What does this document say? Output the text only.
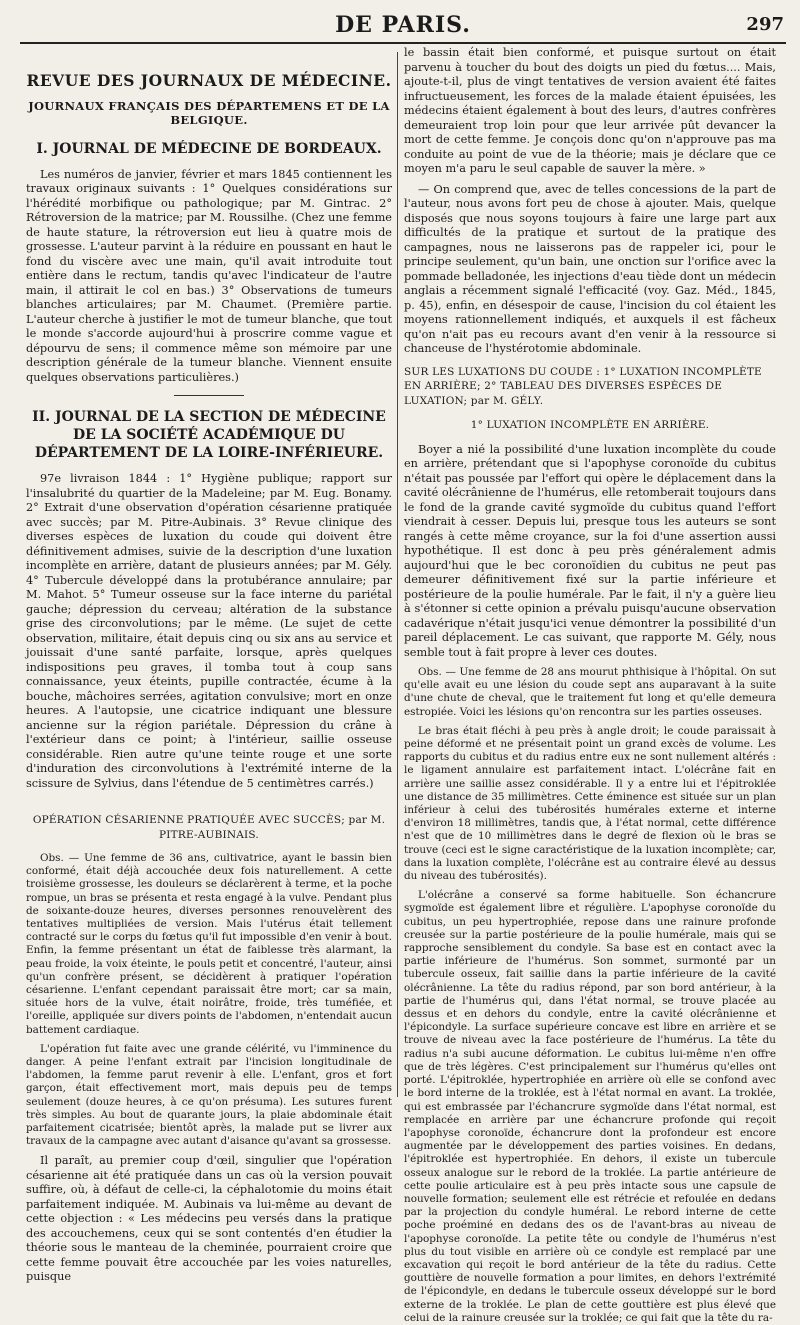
DE PARIS.	297
REVUE DES JOURNAUX DE MÉDECINE.
JOURNAUX FRANÇAIS DES DÉPARTEMENS ET DE LA BELGIQUE.
I. JOURNAL DE MÉDECINE DE BORDEAUX.

Les numéros de janvier, février et mars 1845 contiennent les travaux originaux suivants : 1° Quelques considérations sur l'hérédité morbifique ou pathologique; par M. Gintrac. 2° Rétroversion de la matrice; par M. Roussilhe. (Chez une femme de haute stature, la rétroversion eut lieu à quatre mois de grossesse. L'auteur parvint à la réduire en poussant en haut le fond du viscère avec une main, qu'il avait introduite tout entière dans le rectum, tandis qu'avec l'indicateur de l'autre main, il attirait le col en bas.) 3° Observations de tumeurs blanches articulaires; par M. Chaumet. (Première partie. L'auteur cherche à justifier le mot de tumeur blanche, que tout le monde s'accorde aujourd'hui à proscrire comme vague et dépourvu de sens; il commence même son mémoire par une description générale de la tumeur blanche. Viennent ensuite quelques observations particulières.)

II. JOURNAL DE LA SECTION DE MÉDECINE DE LA SOCIÉTÉ ACADÉMIQUE DU DÉPARTEMENT DE LA LOIRE-INFÉRIEURE.

97e livraison 1844 : 1° Hygiène publique; rapport sur l'insalubrité du quartier de la Madeleine; par M. Eug. Bonamy. 2° Extrait d'une observation d'opération césarienne pratiquée avec succès; par M. Pitre-Aubinais. 3° Revue clinique des diverses espèces de luxation du coude qui doivent être définitivement admises, suivie de la description d'une luxation incomplète en arrière, datant de plusieurs années; par M. Gély. 4° Tubercule développé dans la protubérance annulaire; par M. Mahot. 5° Tumeur osseuse sur la face interne du pariétal gauche; dépression du cerveau; altération de la substance grise des circonvolutions; par le même. (Le sujet de cette observation, militaire, était depuis cinq ou six ans au service et jouissait d'une santé parfaite, lorsque, après quelques indispositions peu graves, il tomba tout à coup sans connaissance, yeux éteints, pupille contractée, écume à la bouche, mâchoires serrées, agitation convulsive; mort en onze heures. A l'autopsie, une cicatrice indiquant une blessure ancienne sur la région pariétale. Dépression du crâne à l'extérieur dans ce point; à l'intérieur, saillie osseuse considérable. Rien autre qu'une teinte rouge et une sorte d'induration des circonvolutions à l'extrémité interne de la scissure de Sylvius, dans l'étendue de 5 centimètres carrés.)

OPÉRATION CÉSARIENNE PRATIQUÉE AVEC SUCCÈS; par M. PITRE-AUBINAIS.

Obs. — Une femme de 36 ans, cultivatrice, ayant le bassin bien conformé, était déjà accouchée deux fois naturellement. A cette troisième grossesse, les douleurs se déclarèrent à terme, et la poche rompue, un bras se présenta et resta engagé à la vulve. Pendant plus de soixante-douze heures, diverses personnes renouvelèrent des tentatives multipliées de version. Mais l'utérus était tellement contracté sur le corps du fœtus qu'il fut impossible d'en venir à bout. Enfin, la femme présentant un état de faiblesse très alarmant, la peau froide, la voix éteinte, le pouls petit et concentré, l'auteur, ainsi qu'un confrère présent, se décidèrent à pratiquer l'opération césarienne. L'enfant cependant paraissait être mort; car sa main, située hors de la vulve, était noirâtre, froide, très tuméfiée, et l'oreille, appliquée sur divers points de l'abdomen, n'entendait aucun battement cardiaque.

L'opération fut faite avec une grande célérité, vu l'imminence du danger. A peine l'enfant extrait par l'incision longitudinale de l'abdomen, la femme parut revenir à elle. L'enfant, gros et fort garçon, était effectivement mort, mais depuis peu de temps seulement (douze heures, à ce qu'on présuma). Les sutures furent très simples. Au bout de quarante jours, la plaie abdominale était parfaitement cicatrisée; bientôt après, la malade put se livrer aux travaux de la campagne avec autant d'aisance qu'avant sa grossesse.

Il paraît, au premier coup d'œil, singulier que l'opération césarienne ait été pratiquée dans un cas où la version pouvait suffire, où, à défaut de celle-ci, la céphalotomie du moins était parfaitement indiquée. M. Aubinais va lui-même au devant de cette objection : « Les médecins peu versés dans la pratique des accouchemens, ceux qui se sont contentés d'en étudier la théorie sous le manteau de la cheminée, pourraient croire que cette femme pouvait être accouchée par les voies naturelles, puisque

le bassin était bien conformé, et puisque surtout on était parvenu à toucher du bout des doigts un pied du fœtus.... Mais, ajoute-t-il, plus de vingt tentatives de version avaient été faites infructueusement, les forces de la malade étaient épuisées, les médecins étaient également à bout des leurs, d'autres confrères demeuraient trop loin pour que leur arrivée pût devancer la mort de cette femme. Je conçois donc qu'on n'approuve pas ma conduite au point de vue de la théorie; mais je déclare que ce moyen m'a paru le seul capable de sauver la mère. »

— On comprend que, avec de telles concessions de la part de l'auteur, nous avons fort peu de chose à ajouter. Mais, quelque disposés que nous soyons toujours à faire une large part aux difficultés de la pratique et surtout de la pratique des campagnes, nous ne laisserons pas de rappeler ici, pour le principe seulement, qu'un bain, une onction sur l'orifice avec la pommade belladonée, les injections d'eau tiède dont un médecin anglais a récemment signalé l'efficacité (voy. Gaz. Méd., 1845, p. 45), enfin, en désespoir de cause, l'incision du col étaient les moyens rationnellement indiqués, et auxquels il est fâcheux qu'on n'ait pas eu recours avant d'en venir à la ressource si chanceuse de l'hystérotomie abdominale.

SUR LES LUXATIONS DU COUDE : 1° LUXATION INCOMPLÈTE EN ARRIÈRE; 2° TABLEAU DES DIVERSES ESPÈCES DE LUXATION; par M. GÉLY.

1° LUXATION INCOMPLÈTE EN ARRIÈRE.

Boyer a nié la possibilité d'une luxation incomplète du coude en arrière, prétendant que si l'apophyse coronoïde du cubitus n'était pas poussée par l'effort qui opère le déplacement dans la cavité olécrânienne de l'humérus, elle retomberait toujours dans le fond de la grande cavité sygmoïde du cubitus quand l'effort viendrait à cesser. Depuis lui, presque tous les auteurs se sont rangés à cette même croyance, sur la foi d'une assertion aussi hypothétique. Il est donc à peu près généralement admis aujourd'hui que le bec coronoïdien du cubitus ne peut pas demeurer définitivement fixé sur la partie inférieure et postérieure de la poulie humérale. Par le fait, il n'y a guère lieu à s'étonner si cette opinion a prévalu puisqu'aucune observation cadavérique n'était jusqu'ici venue démontrer la possibilité d'un pareil déplacement. Le cas suivant, que rapporte M. Gély, nous semble tout à fait propre à lever ces doutes.

Obs. — Une femme de 28 ans mourut phthisique à l'hôpital. On sut qu'elle avait eu une lésion du coude sept ans auparavant à la suite d'une chute de cheval, que le traitement fut long et qu'elle demeura estropiée. Voici les lésions qu'on rencontra sur les parties osseuses.

Le bras était fléchi à peu près à angle droit; le coude paraissait à peine déformé et ne présentait point un grand excès de volume. Les rapports du cubitus et du radius entre eux ne sont nullement altérés : le ligament annulaire est parfaitement intact. L'olécrâne fait en arrière une saillie assez considérable. Il y a entre lui et l'épitroklée une distance de 35 millimètres. Cette éminence est située sur un plan inférieur à celui des tubérosités humérales externe et interne d'environ 18 millimètres, tandis que, à l'état normal, cette différence n'est que de 10 millimètres dans le degré de flexion où le bras se trouve (ceci est le signe caractéristique de la luxation incomplète; car, dans la luxation complète, l'olécrâne est au contraire élevé au dessus du niveau des tubérosités).

L'olécrâne a conservé sa forme habituelle. Son échancrure sygmoïde est également libre et régulière. L'apophyse coronoïde du cubitus, un peu hypertrophiée, repose dans une rainure profonde creusée sur la partie postérieure de la poulie humérale, mais qui se rapproche sensiblement du condyle. Sa base est en contact avec la partie inférieure de l'humérus. Son sommet, surmonté par un tubercule osseux, fait saillie dans la partie inférieure de la cavité olécrânienne. La tête du radius répond, par son bord antérieur, à la partie de l'humérus qui, dans l'état normal, se trouve placée au dessus et en dehors du condyle, entre la cavité olécrânienne et l'épicondyle. La surface supérieure concave est libre en arrière et se trouve de niveau avec la face postérieure de l'humérus. La tête du radius n'a subi aucune déformation. Le cubitus lui-même n'en offre que de très légères. C'est principalement sur l'humérus qu'elles ont porté. L'épitroklée, hypertrophiée en arrière où elle se confond avec le bord interne de la troklée, est à l'état normal en avant. La troklée, qui est embrassée par l'échancrure sygmoïde dans l'état normal, est remplacée en arrière par une échancrure profonde qui reçoit l'apophyse coronoïde, échancrure dont la profondeur est encore augmentée par le développement des parties voisines. En dedans, l'épitroklée est hypertrophiée. En dehors, il existe un tubercule osseux analogue sur le rebord de la troklée. La partie antérieure de cette poulie articulaire est à peu près intacte sous une capsule de nouvelle formation; seulement elle est rétrécie et refoulée en dedans par la projection du condyle huméral. Le rebord interne de cette poche proéminé en dedans des os de l'avant-bras au niveau de l'apophyse coronoïde. La petite tête ou condyle de l'humérus n'est plus du tout visible en arrière où ce condyle est remplacé par une excavation qui reçoit le bord antérieur de la tête du radius. Cette gouttière de nouvelle formation a pour limites, en dehors l'extrémité de l'épicondyle, en dedans le tubercule osseux développé sur le bord externe de la troklée. Le plan de cette gouttière est plus élevé que celui de la rainure creusée sur la troklée; ce qui fait que la tête du ra-
